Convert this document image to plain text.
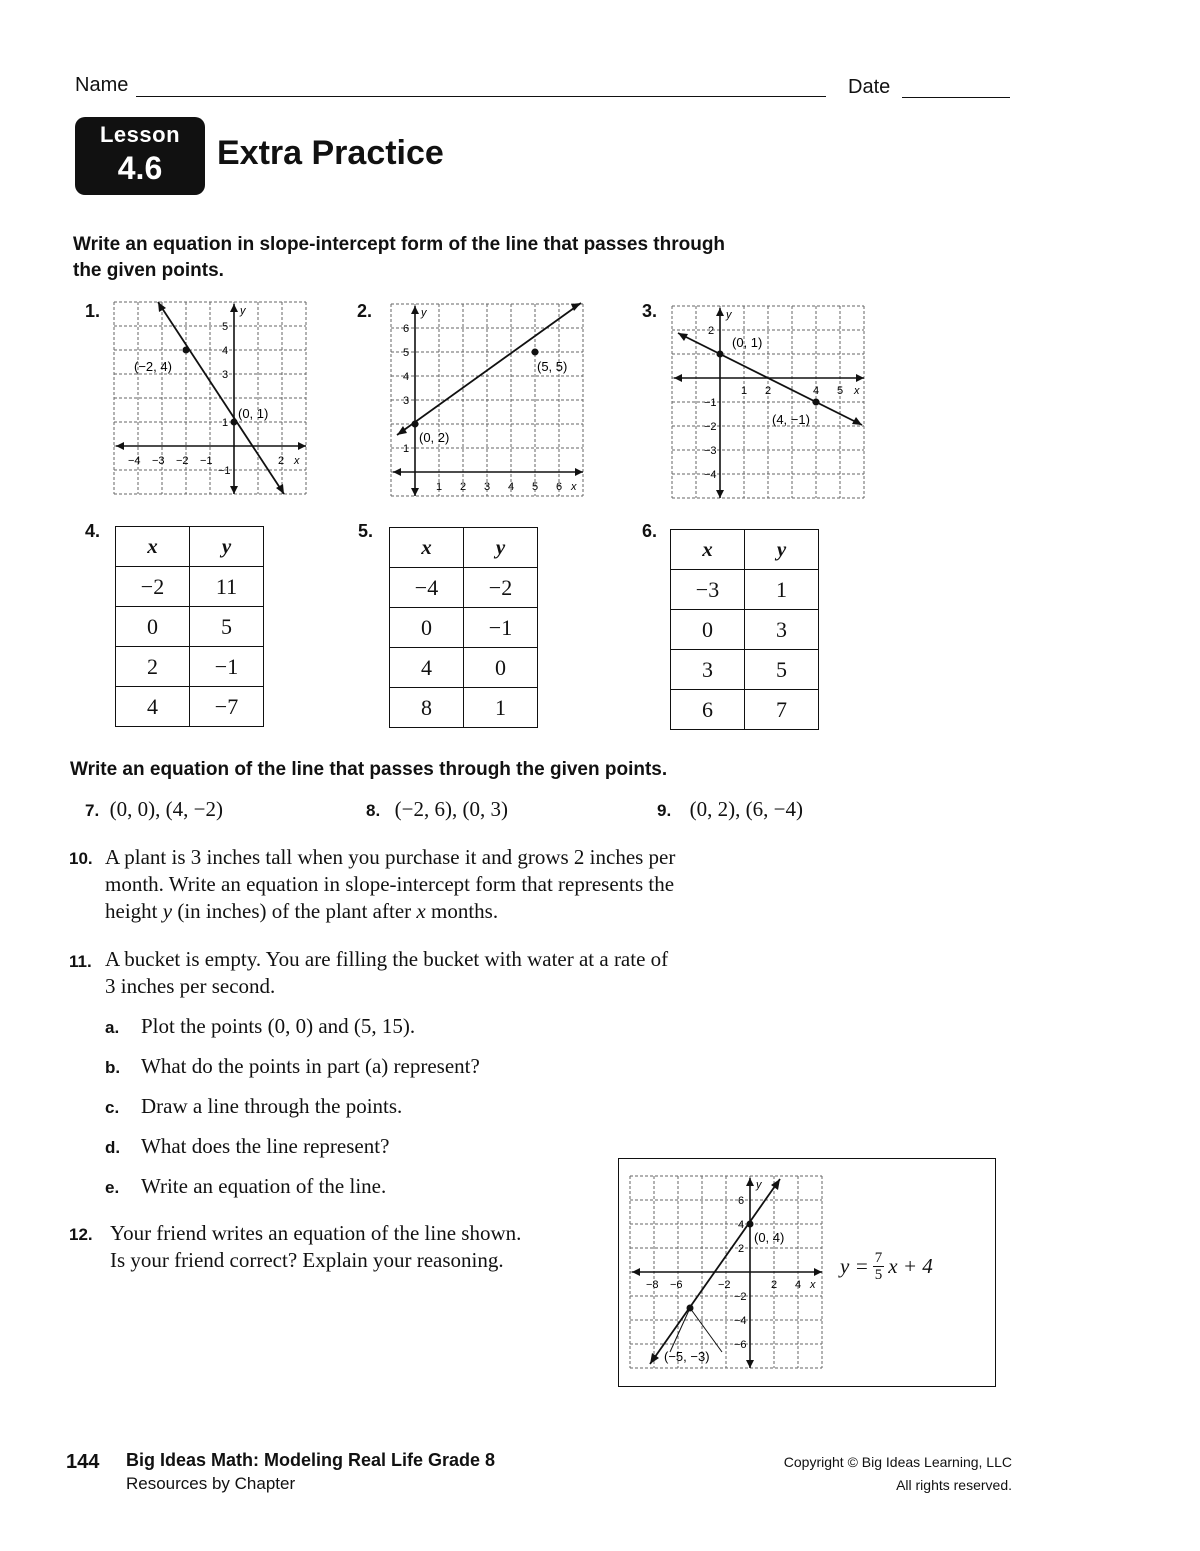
Name	Date
Lesson
4.6	Extra Practice
Write an equation in slope-intercept form of the line that passes through
the given points.
1.
(−2, 4)
(0, 1)
−4 −3 −2 −1	2
5
4
3
1
−1
x
y	2.
(0, 2)
(5, 5)
1 2 3 4 5 6
6
5
4
3
1
x
y	3.
(0, 1)
(4, −1)
1 2	4 5
2
−1
−2
−3
−4
x
y
4.
x	y
−2	11
0	5
2	−1
4	−7
5.
x	y
−4	−2
0	−1
4	0
8	1
6.
x	y
−3	1
0	3
3	5
6	7
Write an equation of the line that passes through the given points.
7. (0, 0), (4, −2)	8. (−2, 6), (0, 3)	9. (0, 2), (6, −4)
10. A plant is 3 inches tall when you purchase it and grows 2 inches per
month. Write an equation in slope-intercept form that represents the
height y (in inches) of the plant after x months.
11. A bucket is empty. You are filling the bucket with water at a rate of
3 inches per second.
a. Plot the points (0, 0) and (5, 15).
b. What do the points in part (a) represent?
c. Draw a line through the points.
d. What does the line represent?
e. Write an equation of the line.
12. Your friend writes an equation of the line shown.
Is your friend correct? Explain your reasoning.
(0, 4)
(−5, −3)
−8 −6	−2	2 4
6
4
2
−2
−4
−6
x
y
$y = \frac{7}{5}$ x + 4
144 Big Ideas Math: Modeling Real Life Grade 8
Resources by Chapter
Copyright © Big Ideas Learning, LLC
All rights reserved.
